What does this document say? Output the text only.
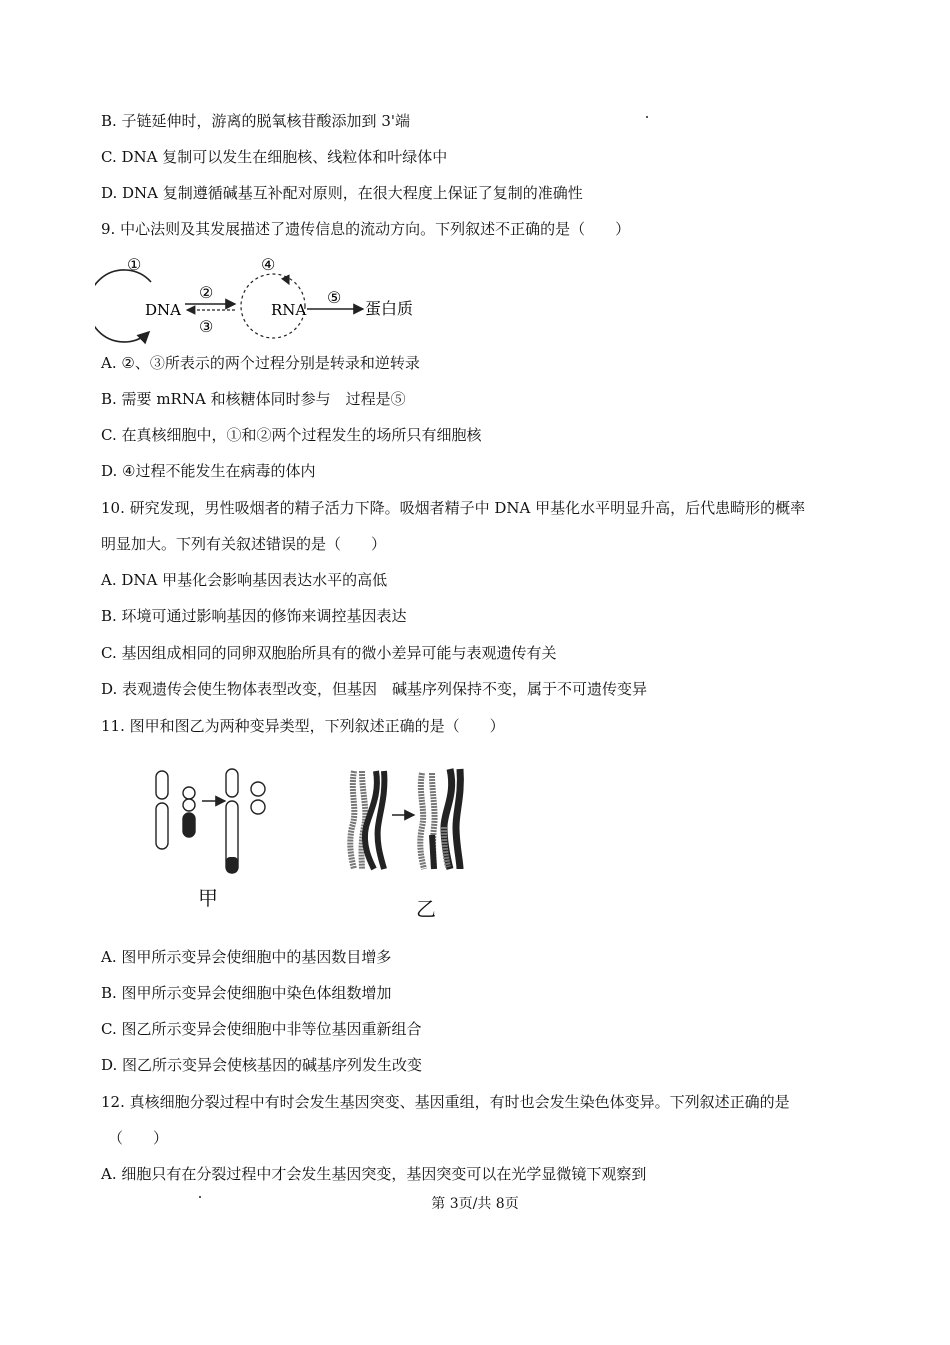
B. 子链延伸时，游离的脱氧核苷酸添加到 3'端
C. DNA 复制可以发生在细胞核、线粒体和叶绿体中
D. DNA 复制遵循碱基互补配对原则，在很大程度上保证了复制的准确性
9. 中心法则及其发展描述了遗传信息的流动方向。下列叙述不正确的是（　　）
①
DNA
②
③
④
RNA
⑤
蛋白质
A. ②、③所表示的两个过程分别是转录和逆转录
B. 需要 mRNA 和核糖体同时参与　过程是⑤
C. 在真核细胞中，①和②两个过程发生的场所只有细胞核
D. ④过程不能发生在病毒的体内
10. 研究发现，男性吸烟者的精子活力下降。吸烟者精子中 DNA 甲基化水平明显升高，后代患畸形的概率
明显加大。下列有关叙述错误的是（　　）
A. DNA 甲基化会影响基因表达水平的高低
B. 环境可通过影响基因的修饰来调控基因表达
C. 基因组成相同的同卵双胞胎所具有的微小差异可能与表观遗传有关
D. 表观遗传会使生物体表型改变，但基因　碱基序列保持不变，属于不可遗传变异
11. 图甲和图乙为两种变异类型，下列叙述正确的是（　　）
甲	乙
A. 图甲所示变异会使细胞中的基因数目增多
B. 图甲所示变异会使细胞中染色体组数增加
C. 图乙所示变异会使细胞中非等位基因重新组合
D. 图乙所示变异会使核基因的碱基序列发生改变
12. 真核细胞分裂过程中有时会发生基因突变、基因重组，有时也会发生染色体变异。下列叙述正确的是
（　　）
A. 细胞只有在分裂过程中才会发生基因突变，基因突变可以在光学显微镜下观察到
第 3页/共 8页
